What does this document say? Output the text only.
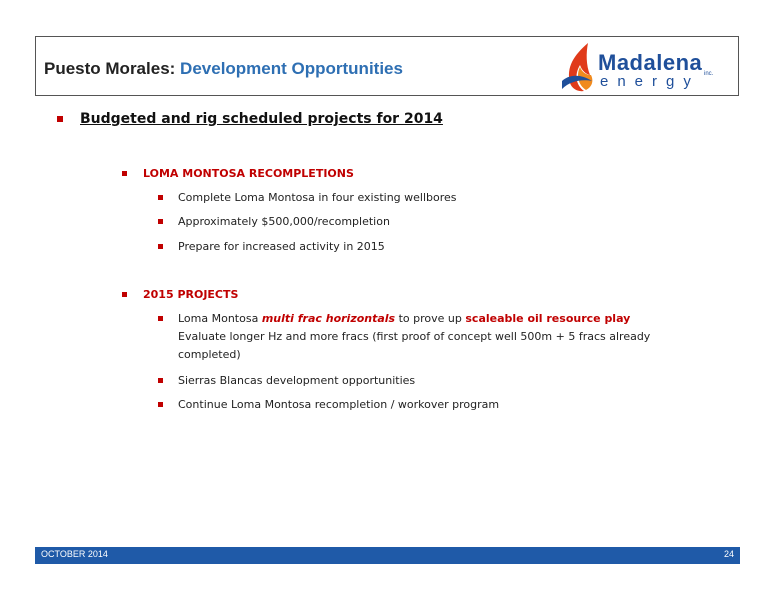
Puesto Morales: Development Opportunities	Madalena
energy inc.
Budgeted and rig scheduled projects for 2014
LOMA MONTOSA RECOMPLETIONS
Complete Loma Montosa in four existing wellbores
Approximately $500,000/recompletion
Prepare for increased activity in 2015
2015 PROJECTS
Loma Montosa multi frac horizontals to prove up scaleable oil resource play
Evaluate longer Hz and more fracs (first proof of concept well 500m + 5 fracs already
completed)
Sierras Blancas development opportunities
Continue Loma Montosa recompletion / workover program
OCTOBER 2014	24
